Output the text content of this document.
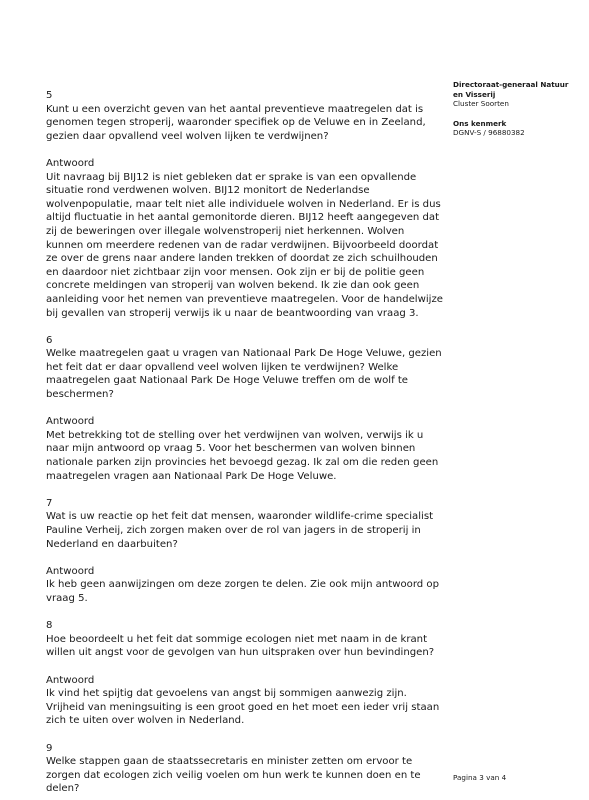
Directoraat-generaal Natuur
en Visserij
Cluster Soorten
Ons kenmerk
DGNV-S / 96880382

5

Kunt u een overzicht geven van het aantal preventieve maatregelen dat is genomen tegen stroperij, waaronder specifiek op de Veluwe en in Zeeland, gezien daar opvallend veel wolven lijken te verdwijnen?

Antwoord

Uit navraag bij BIJ12 is niet gebleken dat er sprake is van een opvallende situatie rond verdwenen wolven. BIJ12 monitort de Nederlandse wolvenpopulatie, maar telt niet alle individuele wolven in Nederland. Er is dus altijd fluctuatie in het aantal gemonitorde dieren. BIJ12 heeft aangegeven dat zij de beweringen over illegale wolvenstroperij niet herkennen. Wolven kunnen om meerdere redenen van de radar verdwijnen. Bijvoorbeeld doordat ze over de grens naar andere landen trekken of doordat ze zich schuilhouden en daardoor niet zichtbaar zijn voor mensen. Ook zijn er bij de politie geen concrete meldingen van stroperij van wolven bekend. Ik zie dan ook geen aanleiding voor het nemen van preventieve maatregelen. Voor de handelwijze bij gevallen van stroperij verwijs ik u naar de beantwoording van vraag 3.

6

Welke maatregelen gaat u vragen van Nationaal Park De Hoge Veluwe, gezien het feit dat er daar opvallend veel wolven lijken te verdwijnen? Welke maatregelen gaat Nationaal Park De Hoge Veluwe treffen om de wolf te beschermen?

Antwoord

Met betrekking tot de stelling over het verdwijnen van wolven, verwijs ik u naar mijn antwoord op vraag 5. Voor het beschermen van wolven binnen nationale parken zijn provincies het bevoegd gezag. Ik zal om die reden geen maatregelen vragen aan Nationaal Park De Hoge Veluwe.

7

Wat is uw reactie op het feit dat mensen, waaronder wildlife-crime specialist Pauline Verheij, zich zorgen maken over de rol van jagers in de stroperij in Nederland en daarbuiten?

Antwoord

Ik heb geen aanwijzingen om deze zorgen te delen. Zie ook mijn antwoord op vraag 5.

8

Hoe beoordeelt u het feit dat sommige ecologen niet met naam in de krant willen uit angst voor de gevolgen van hun uitspraken over hun bevindingen?

Antwoord

Ik vind het spijtig dat gevoelens van angst bij sommigen aanwezig zijn. Vrijheid van meningsuiting is een groot goed en het moet een ieder vrij staan zich te uiten over wolven in Nederland.

9

Welke stappen gaan de staatssecretaris en minister zetten om ervoor te zorgen dat ecologen zich veilig voelen om hun werk te kunnen doen en te delen?

Pagina 3 van 4
